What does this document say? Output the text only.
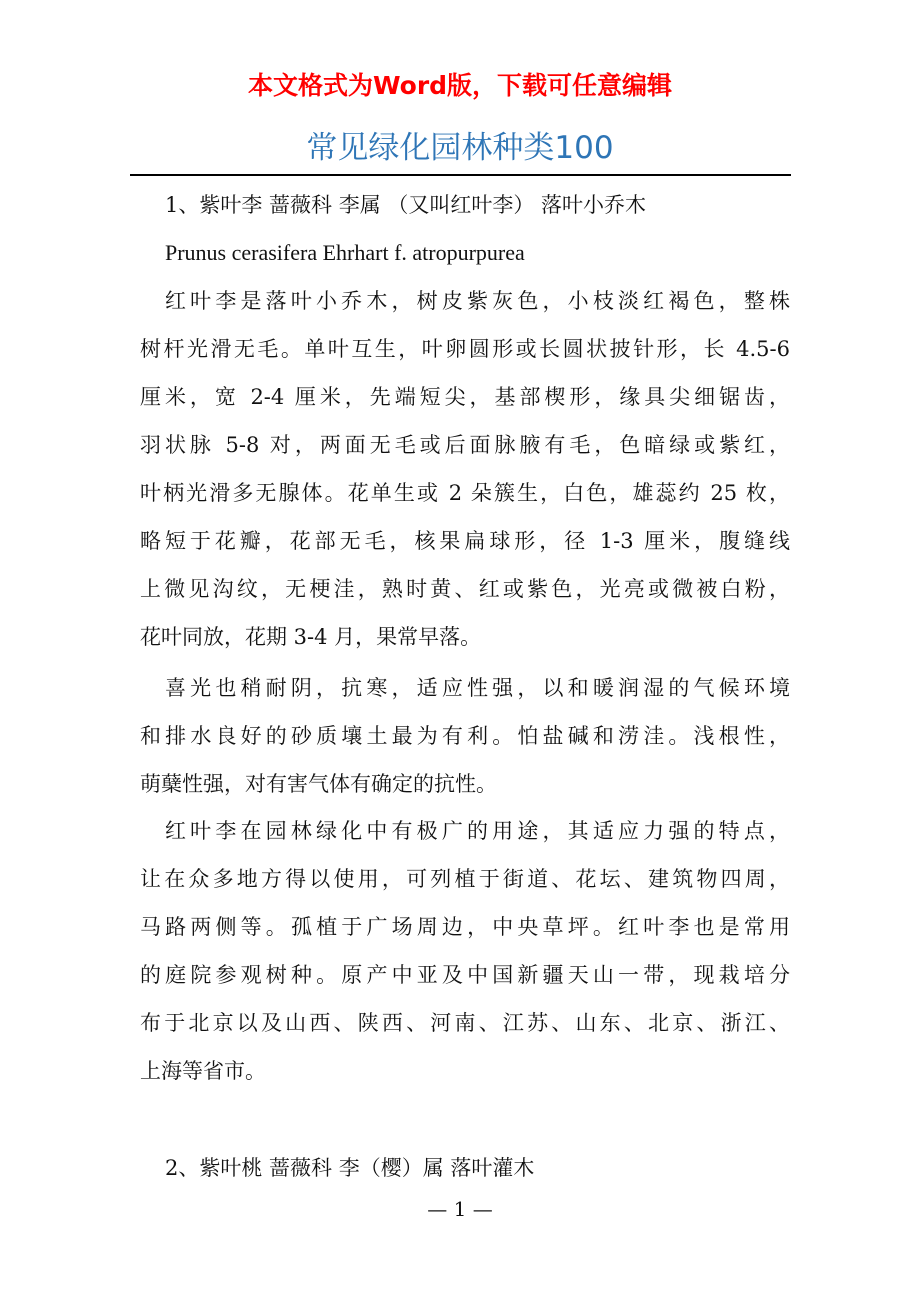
本文格式为Word版，下载可任意编辑
常见绿化园林种类100
1、紫叶李 蔷薇科 李属 （又叫红叶李） 落叶小乔木
Prunus cerasifera Ehrhart f. atropurpurea
红叶李是落叶小乔木，树皮紫灰色，小枝淡红褐色，整株
树杆光滑无毛。单叶互生，叶卵圆形或长圆状披针形，长 4.5-6
厘米，宽 2-4 厘米，先端短尖，基部楔形，缘具尖细锯齿，
羽状脉 5-8 对，两面无毛或后面脉腋有毛，色暗绿或紫红，
叶柄光滑多无腺体。花单生或 2 朵簇生，白色，雄蕊约 25 枚，
略短于花瓣，花部无毛，核果扁球形，径 1-3 厘米，腹缝线
上微见沟纹，无梗洼，熟时黄、红或紫色，光亮或微被白粉，
花叶同放，花期 3-4 月，果常早落。
喜光也稍耐阴，抗寒，适应性强，以和暖润湿的气候环境
和排水良好的砂质壤土最为有利。怕盐碱和涝洼。浅根性，
萌蘖性强，对有害气体有确定的抗性。
红叶李在园林绿化中有极广的用途，其适应力强的特点，
让在众多地方得以使用，可列植于街道、花坛、建筑物四周，
马路两侧等。孤植于广场周边，中央草坪。红叶李也是常用
的庭院参观树种。原产中亚及中国新疆天山一带，现栽培分
布于北京以及山西、陕西、河南、江苏、山东、北京、浙江、
上海等省市。
2、紫叶桃 蔷薇科 李（樱）属 落叶灌木
— 1 —
